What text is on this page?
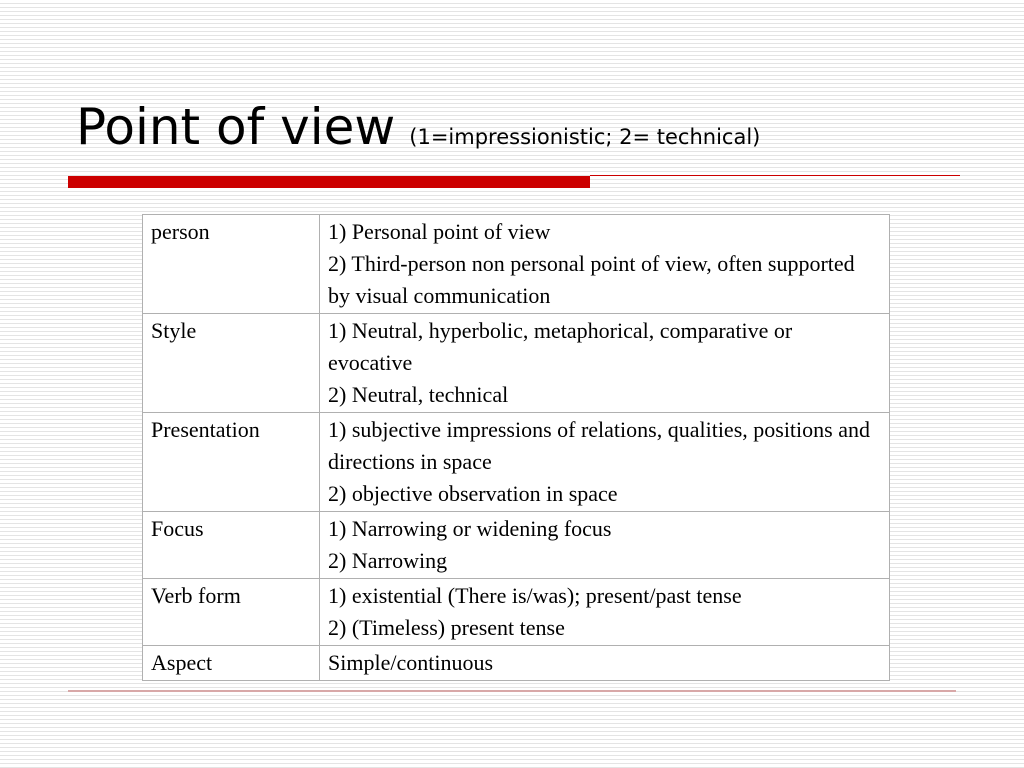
Point of view (1=impressionistic; 2= technical)
person	1) Personal point of view
2) Third-person non personal point of view, often supported by visual communication

Style	1) Neutral, hyperbolic, metaphorical, comparative or evocative
2) Neutral, technical

Presentation	1) subjective impressions of relations, qualities, positions and directions in space
2) objective observation in space

Focus	1) Narrowing or widening focus
2) Narrowing

Verb form	1) existential (There is/was); present/past tense
2) (Timeless) present tense

Aspect	Simple/continuous
